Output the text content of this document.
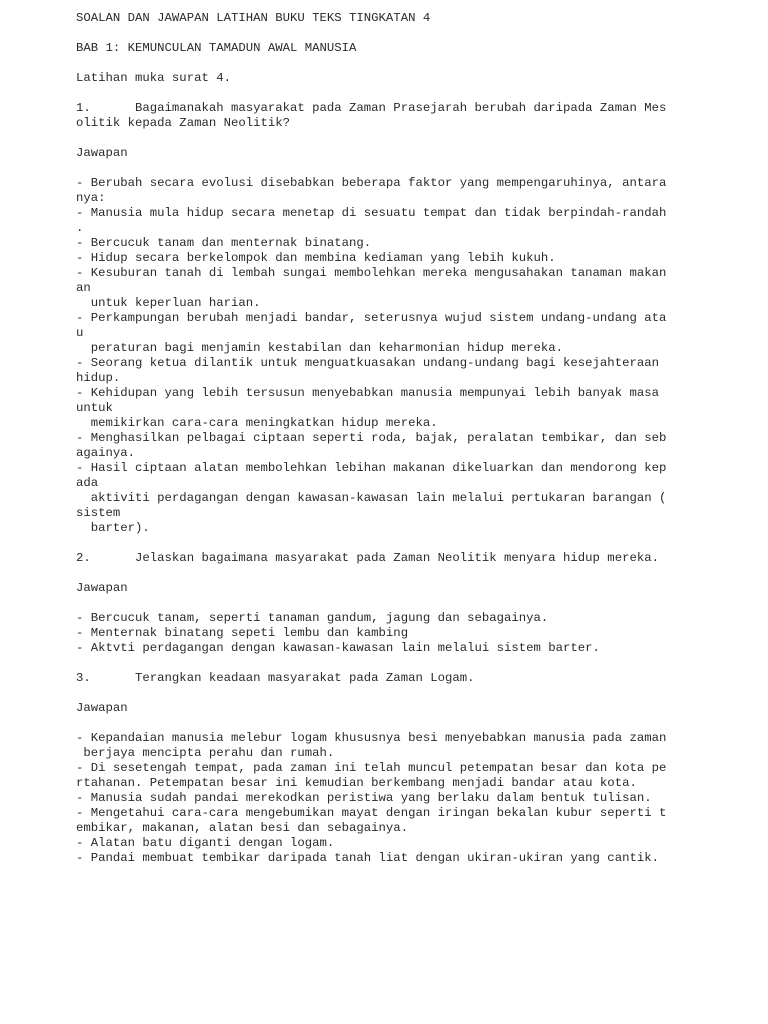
SOALAN DAN JAWAPAN LATIHAN BUKU TEKS TINGKATAN 4
BAB 1: KEMUNCULAN TAMADUN AWAL MANUSIA
Latihan muka surat 4.
1.      Bagaimanakah masyarakat pada Zaman Prasejarah berubah daripada Zaman Mes
olitik kepada Zaman Neolitik?
Jawapan
- Berubah secara evolusi disebabkan beberapa faktor yang mempengaruhinya, antara
nya:
- Manusia mula hidup secara menetap di sesuatu tempat dan tidak berpindah-randah
.
- Bercucuk tanam dan menternak binatang.
- Hidup secara berkelompok dan membina kediaman yang lebih kukuh.
- Kesuburan tanah di lembah sungai membolehkan mereka mengusahakan tanaman makan
an
untuk keperluan harian.
- Perkampungan berubah menjadi bandar, seterusnya wujud sistem undang-undang ata
u
peraturan bagi menjamin kestabilan dan keharmonian hidup mereka.
- Seorang ketua dilantik untuk menguatkuasakan undang-undang bagi kesejahteraan
hidup.
- Kehidupan yang lebih tersusun menyebabkan manusia mempunyai lebih banyak masa
untuk
memikirkan cara-cara meningkatkan hidup mereka.
- Menghasilkan pelbagai ciptaan seperti roda, bajak, peralatan tembikar, dan seb
againya.
- Hasil ciptaan alatan membolehkan lebihan makanan dikeluarkan dan mendorong kep
ada
aktiviti perdagangan dengan kawasan-kawasan lain melalui pertukaran barangan (
sistem
barter).
2.      Jelaskan bagaimana masyarakat pada Zaman Neolitik menyara hidup mereka.
Jawapan
- Bercucuk tanam, seperti tanaman gandum, jagung dan sebagainya.
- Menternak binatang sepeti lembu dan kambing
- Aktvti perdagangan dengan kawasan-kawasan lain melalui sistem barter.
3.      Terangkan keadaan masyarakat pada Zaman Logam.
Jawapan
- Kepandaian manusia melebur logam khususnya besi menyebabkan manusia pada zaman
berjaya mencipta perahu dan rumah.
- Di sesetengah tempat, pada zaman ini telah muncul petempatan besar dan kota pe
rtahanan. Petempatan besar ini kemudian berkembang menjadi bandar atau kota.
- Manusia sudah pandai merekodkan peristiwa yang berlaku dalam bentuk tulisan.
- Mengetahui cara-cara mengebumikan mayat dengan iringan bekalan kubur seperti t
embikar, makanan, alatan besi dan sebagainya.
- Alatan batu diganti dengan logam.
- Pandai membuat tembikar daripada tanah liat dengan ukiran-ukiran yang cantik.
